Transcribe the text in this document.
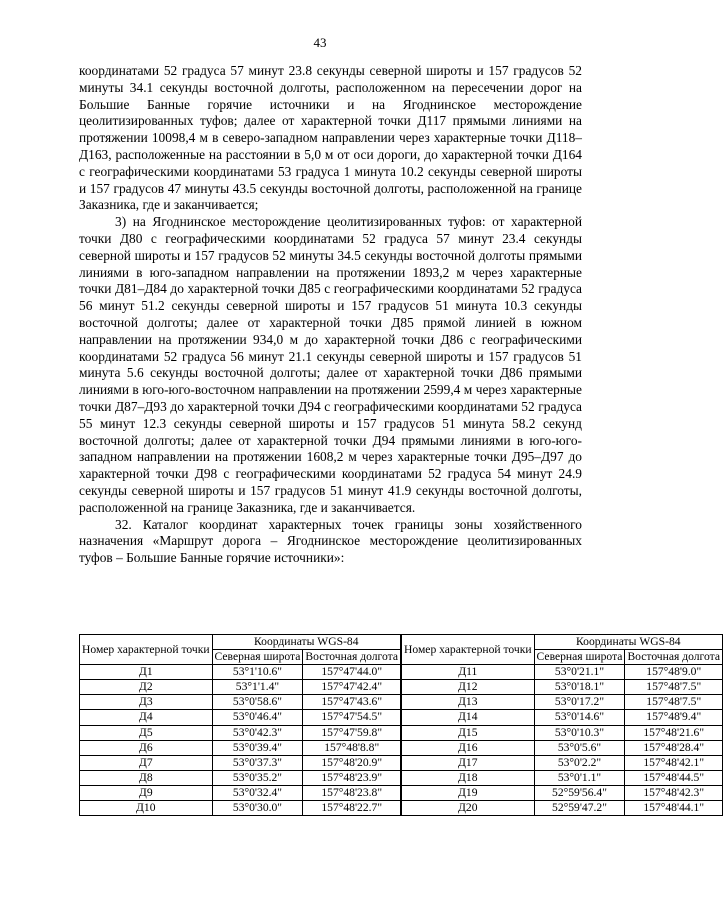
43

координатами 52 градуса 57 минут 23.8 секунды северной широты и 157 градусов 52 минуты 34.1 секунды восточной долготы, расположенном на пересечении дорог на Большие Банные горячие источники и на Ягоднинское месторождение цеолитизированных туфов; далее от характерной точки Д117 прямыми линиями на протяжении 10098,4 м в северо-западном направлении через характерные точки Д118–Д163, расположенные на расстоянии в 5,0 м от оси дороги, до характерной точки Д164 с географическими координатами 53 градуса 1 минута 10.2 секунды северной широты и 157 градусов 47 минуты 43.5 секунды восточной долготы, расположенной на границе Заказника, где и заканчивается;

3) на Ягоднинское месторождение цеолитизированных туфов: от характерной точки Д80 с географическими координатами 52 градуса 57 минут 23.4 секунды северной широты и 157 градусов 52 минуты 34.5 секунды восточной долготы прямыми линиями в юго-западном направлении на протяжении 1893,2 м через характерные точки Д81–Д84 до характерной точки Д85 с географическими координатами 52 градуса 56 минут 51.2 секунды северной широты и 157 градусов 51 минута 10.3 секунды восточной долготы; далее от характерной точки Д85 прямой линией в южном направлении на протяжении 934,0 м до характерной точки Д86 с географическими координатами 52 градуса 56 минут 21.1 секунды северной широты и 157 градусов 51 минута 5.6 секунды восточной долготы; далее от характерной точки Д86 прямыми линиями в юго-юго-восточном направлении на протяжении 2599,4 м через характерные точки Д87–Д93 до характерной точки Д94 с географическими координатами 52 градуса 55 минут 12.3 секунды северной широты и 157 градусов 51 минута 58.2 секунд восточной долготы; далее от характерной точки Д94 прямыми линиями в юго-юго-западном направлении на протяжении 1608,2 м через характерные точки Д95–Д97 до характерной точки Д98 с географическими координатами 52 градуса 54 минут 24.9 секунды северной широты и 157 градусов 51 минут 41.9 секунды восточной долготы, расположенной на границе Заказника, где и заканчивается.

32. Каталог координат характерных точек границы зоны хозяйственного назначения «Маршрут дорога – Ягоднинское месторождение цеолитизированных туфов – Большие Банные горячие источники»:

Номер характерной точки	Координаты WGS-84	
	Северная широта	Восточная долгота
Д1	53°1'10.6"	157°47'44.0"
Д2	53°1'1.4"	157°47'42.4"
Д3	53°0'58.6"	157°47'43.6"
Д4	53°0'46.4"	157°47'54.5"
Д5	53°0'42.3"	157°47'59.8"
Д6	53°0'39.4"	157°48'8.8"
Д7	53°0'37.3"	157°48'20.9"
Д8	53°0'35.2"	157°48'23.9"
Д9	53°0'32.4"	157°48'23.8"
Д10	53°0'30.0"	157°48'22.7"
Номер характерной точки	Координаты WGS-84	
	Северная широта	Восточная долгота
Д11	53°0'21.1"	157°48'9.0"
Д12	53°0'18.1"	157°48'7.5"
Д13	53°0'17.2"	157°48'7.5"
Д14	53°0'14.6"	157°48'9.4"
Д15	53°0'10.3"	157°48'21.6"
Д16	53°0'5.6"	157°48'28.4"
Д17	53°0'2.2"	157°48'42.1"
Д18	53°0'1.1"	157°48'44.5"
Д19	52°59'56.4"	157°48'42.3"
Д20	52°59'47.2"	157°48'44.1"
